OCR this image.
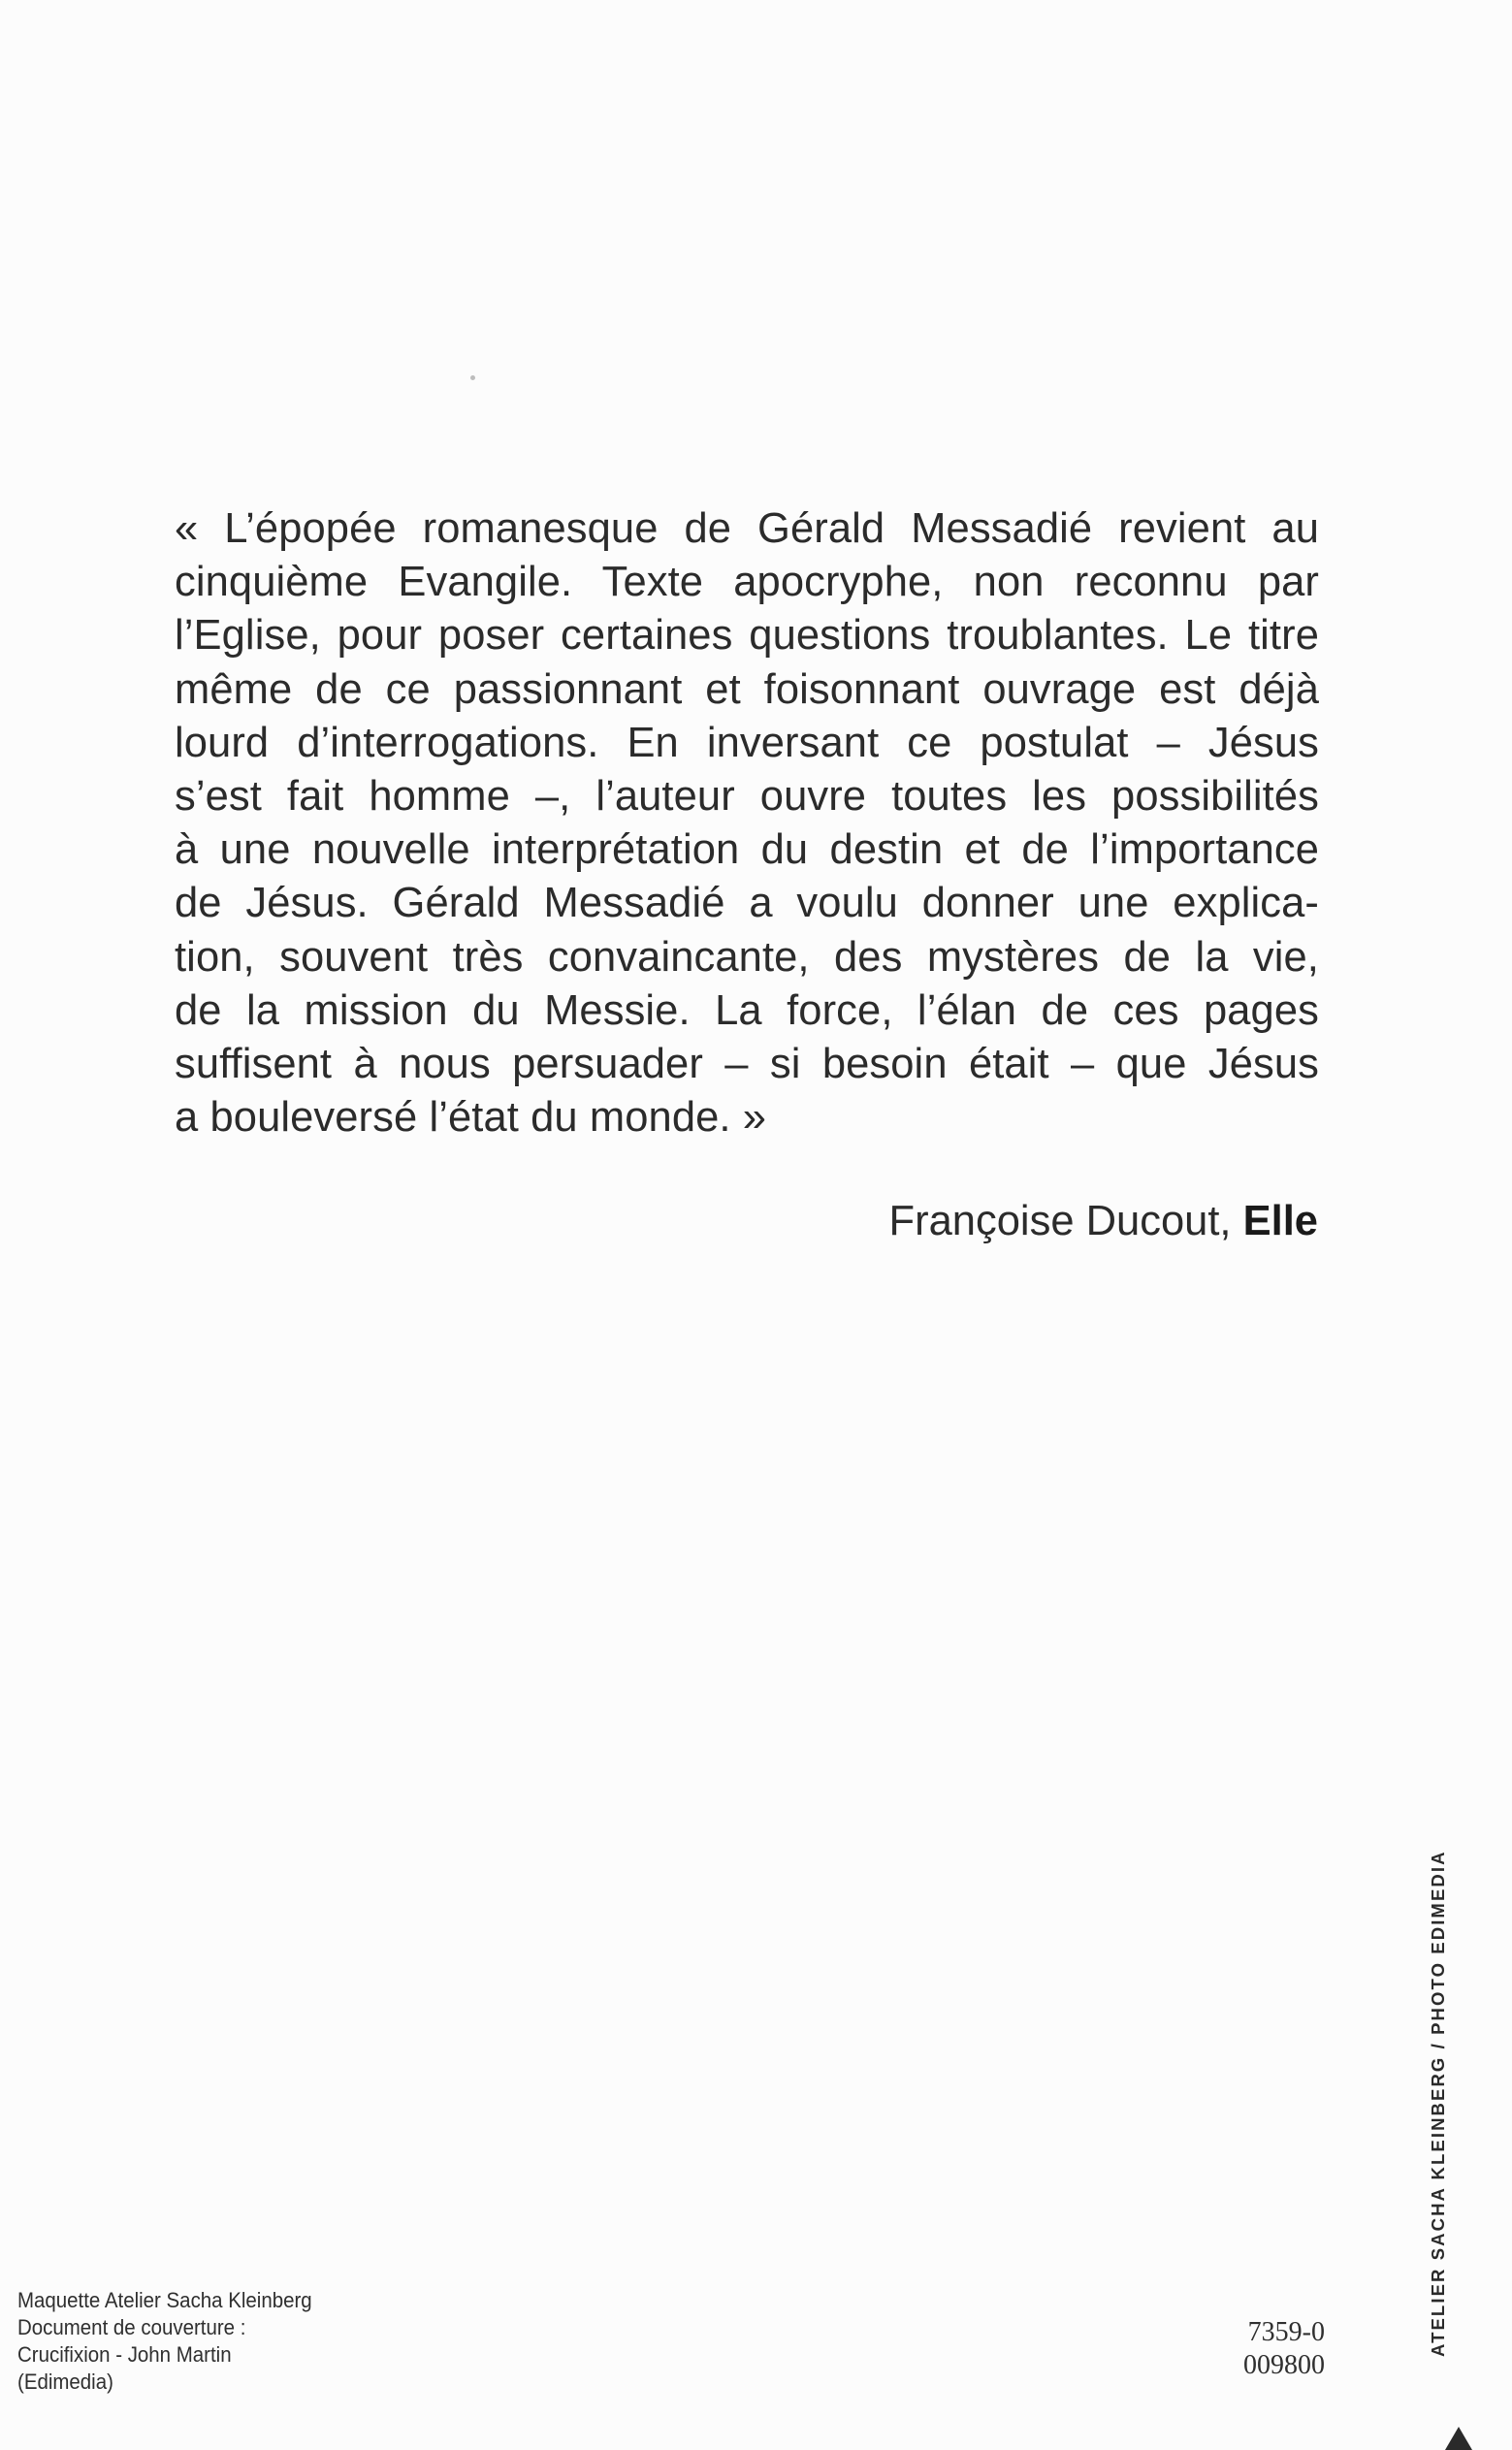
« L’épopée romanesque de Gérald Messadié revient au
cinquième Evangile. Texte apocryphe, non reconnu par
l’Eglise, pour poser certaines questions troublantes. Le titre
même de ce passionnant et foisonnant ouvrage est déjà
lourd d’interrogations. En inversant ce postulat – Jésus
s’est fait homme –, l’auteur ouvre toutes les possibilités
à une nouvelle interprétation du destin et de l’importance
de Jésus. Gérald Messadié a voulu donner une explica-
tion, souvent très convaincante, des mystères de la vie,
de la mission du Messie. La force, l’élan de ces pages
suffisent à nous persuader – si besoin était – que Jésus
a bouleversé l’état du monde. »

Françoise Ducout, Elle
Maquette Atelier Sacha Kleinberg
Document de couverture :
Crucifixion - John Martin
(Edimedia)
7359-0
009800
ATELIER SACHA KLEINBERG / PHOTO EDIMEDIA
